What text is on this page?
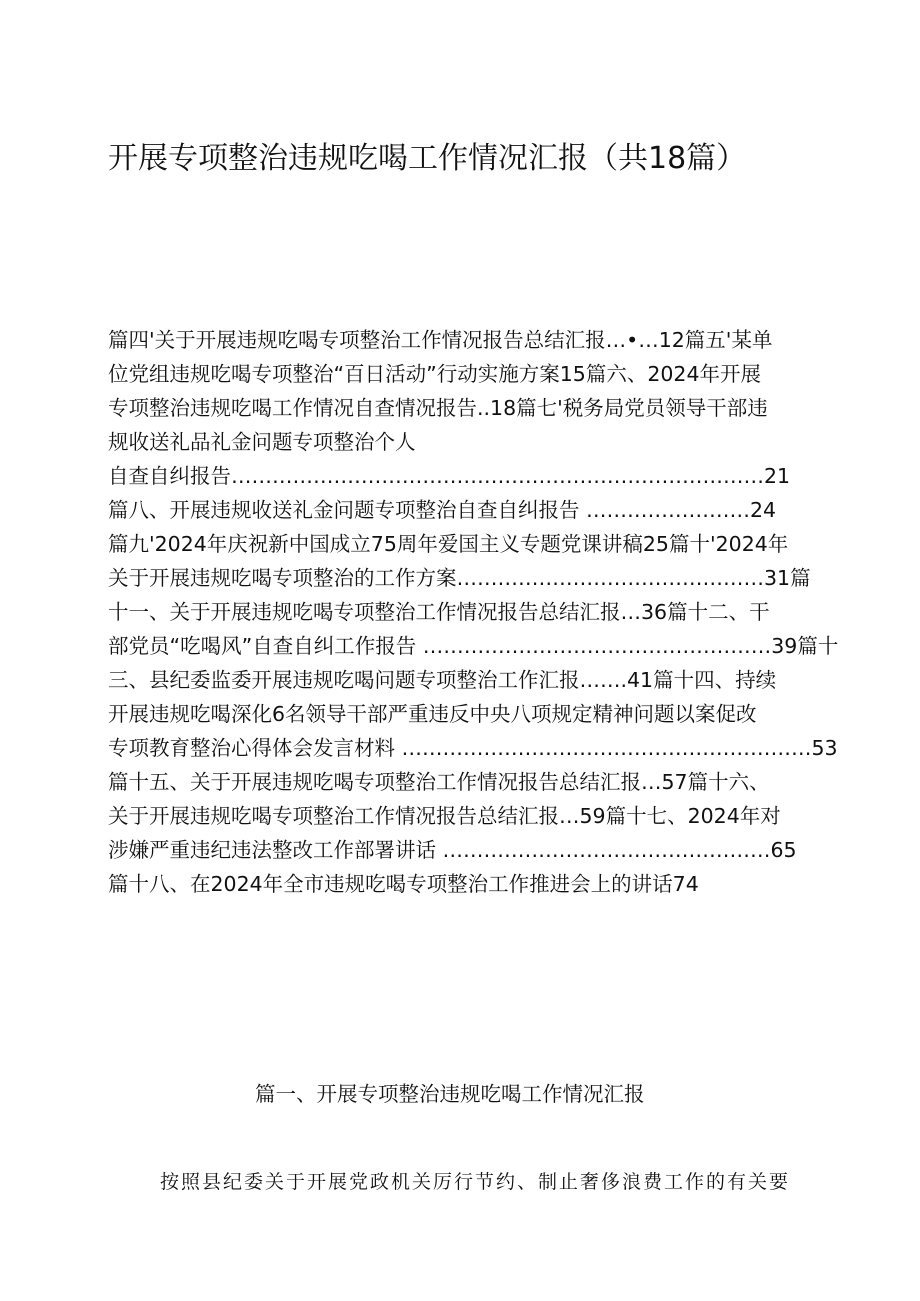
开展专项整治违规吃喝工作情况汇报（共18篇）
篇四'关于开展违规吃喝专项整治工作情况报告总结汇报…•…12篇五'某单
位党组违规吃喝专项整治“百日活动”行动实施方案15篇六、2024年开展
专项整治违规吃喝工作情况自查情况报告..18篇七'税务局党员领导干部违
规收送礼品礼金问题专项整治个人
自查自纠报告……………………………………………………………………21
篇八、开展违规收送礼金问题专项整治自查自纠报告 ……………………24
篇九'2024年庆祝新中国成立75周年爱国主义专题党课讲稿25篇十'2024年
关于开展违规吃喝专项整治的工作方案………………………………………31篇
十一、关于开展违规吃喝专项整治工作情况报告总结汇报…36篇十二、干
部党员“吃喝风”自查自纠工作报告 ……………………………………………39篇十
三、县纪委监委开展违规吃喝问题专项整治工作汇报…….41篇十四、持续
开展违规吃喝深化6名领导干部严重违反中央八项规定精神问题以案促改
专项教育整治心得体会发言材料 ……………………………………………………53
篇十五、关于开展违规吃喝专项整治工作情况报告总结汇报…57篇十六、
关于开展违规吃喝专项整治工作情况报告总结汇报…59篇十七、2024年对
涉嫌严重违纪违法整改工作部署讲话 …………………………………………65
篇十八、在2024年全市违规吃喝专项整治工作推进会上的讲话74
篇一、开展专项整治违规吃喝工作情况汇报
按照县纪委关于开展党政机关厉行节约、制止奢侈浪费工作的有关要
